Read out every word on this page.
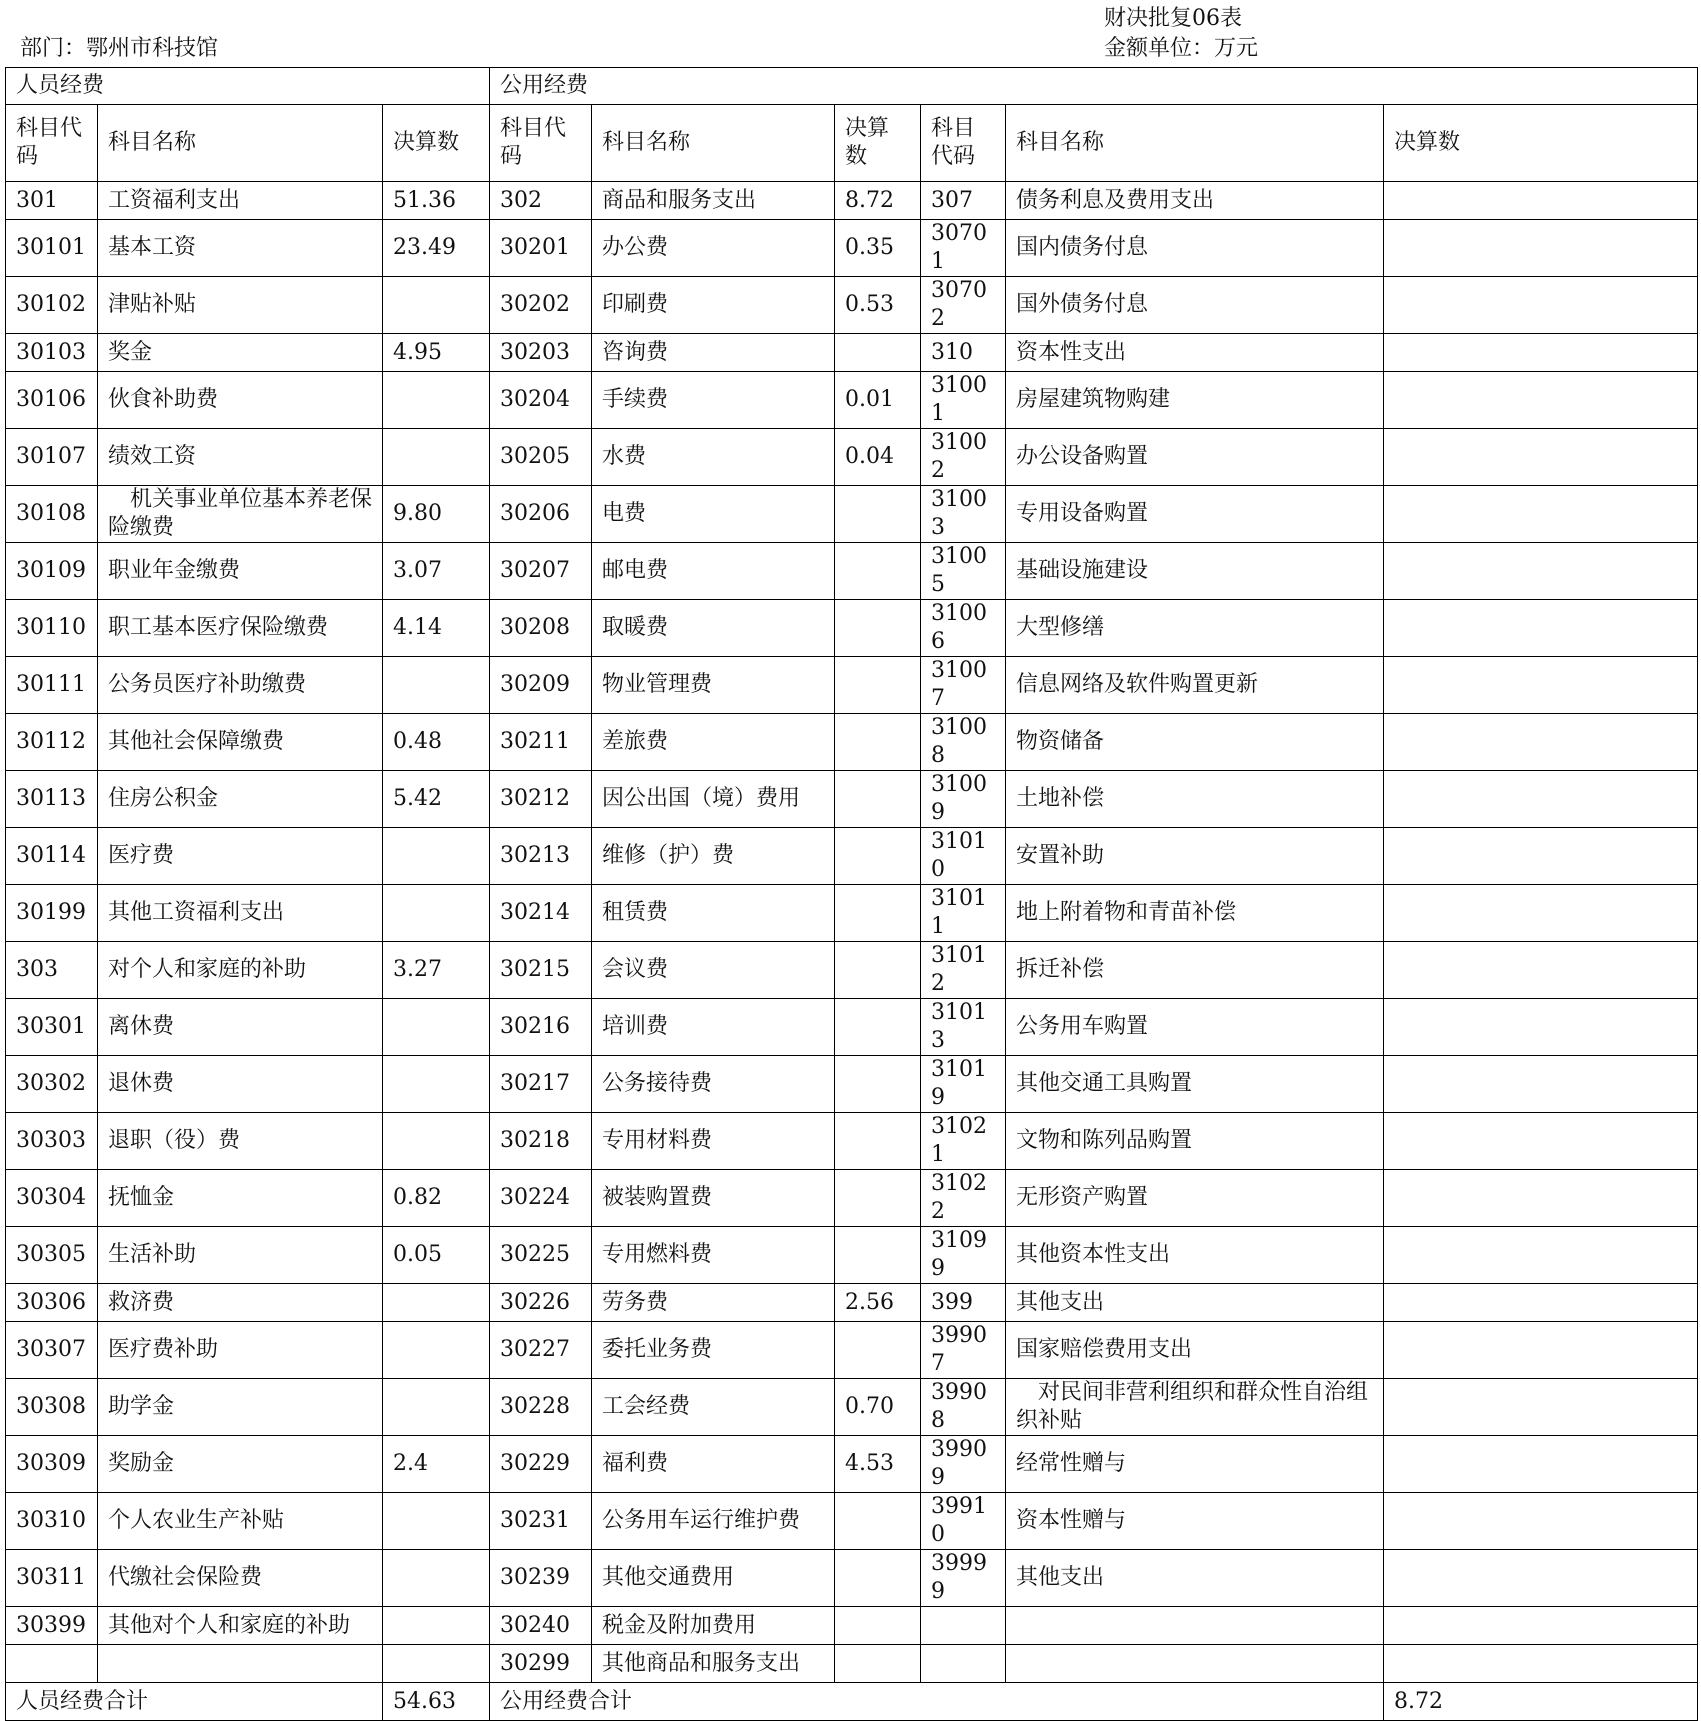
部门：鄂州市科技馆
财决批复06表
金额单位：万元
人员经费			公用经费					
科目代码	科目名称	决算数	科目代码	科目名称	决算数	科目代码	科目名称	决算数
301	工资福利支出	51.36	302	商品和服务支出	8.72	307	债务利息及费用支出	
30101	基本工资	23.49	30201	办公费	0.35	30701	国内债务付息	
30102	津贴补贴		30202	印刷费	0.53	30702	国外债务付息	
30103	奖金	4.95	30203	咨询费		310	资本性支出	
30106	伙食补助费		30204	手续费	0.01	31001	房屋建筑物购建	
30107	绩效工资		30205	水费	0.04	31002	办公设备购置	
30108	机关事业单位基本养老保险缴费	9.80	30206	电费		31003	专用设备购置	
30109	职业年金缴费	3.07	30207	邮电费		31005	基础设施建设	
30110	职工基本医疗保险缴费	4.14	30208	取暖费		31006	大型修缮	
30111	公务员医疗补助缴费		30209	物业管理费		31007	信息网络及软件购置更新	
30112	其他社会保障缴费	0.48	30211	差旅费		31008	物资储备	
30113	住房公积金	5.42	30212	因公出国（境）费用		31009	土地补偿	
30114	医疗费		30213	维修（护）费		31010	安置补助	
30199	其他工资福利支出		30214	租赁费		31011	地上附着物和青苗补偿	
303	对个人和家庭的补助	3.27	30215	会议费		31012	拆迁补偿	
30301	离休费		30216	培训费		31013	公务用车购置	
30302	退休费		30217	公务接待费		31019	其他交通工具购置	
30303	退职（役）费		30218	专用材料费		31021	文物和陈列品购置	
30304	抚恤金	0.82	30224	被装购置费		31022	无形资产购置	
30305	生活补助	0.05	30225	专用燃料费		31099	其他资本性支出	
30306	救济费		30226	劳务费	2.56	399	其他支出	
30307	医疗费补助		30227	委托业务费		39907	国家赔偿费用支出	
30308	助学金		30228	工会经费	0.70	39908	对民间非营利组织和群众性自治组织补贴	
30309	奖励金	2.4	30229	福利费	4.53	39909	经常性赠与	
30310	个人农业生产补贴		30231	公务用车运行维护费		39910	资本性赠与	
30311	代缴社会保险费		30239	其他交通费用		39999	其他支出	
30399	其他对个人和家庭的补助		30240	税金及附加费用				
			30299	其他商品和服务支出				
人员经费合计		54.63	公用经费合计					8.72
